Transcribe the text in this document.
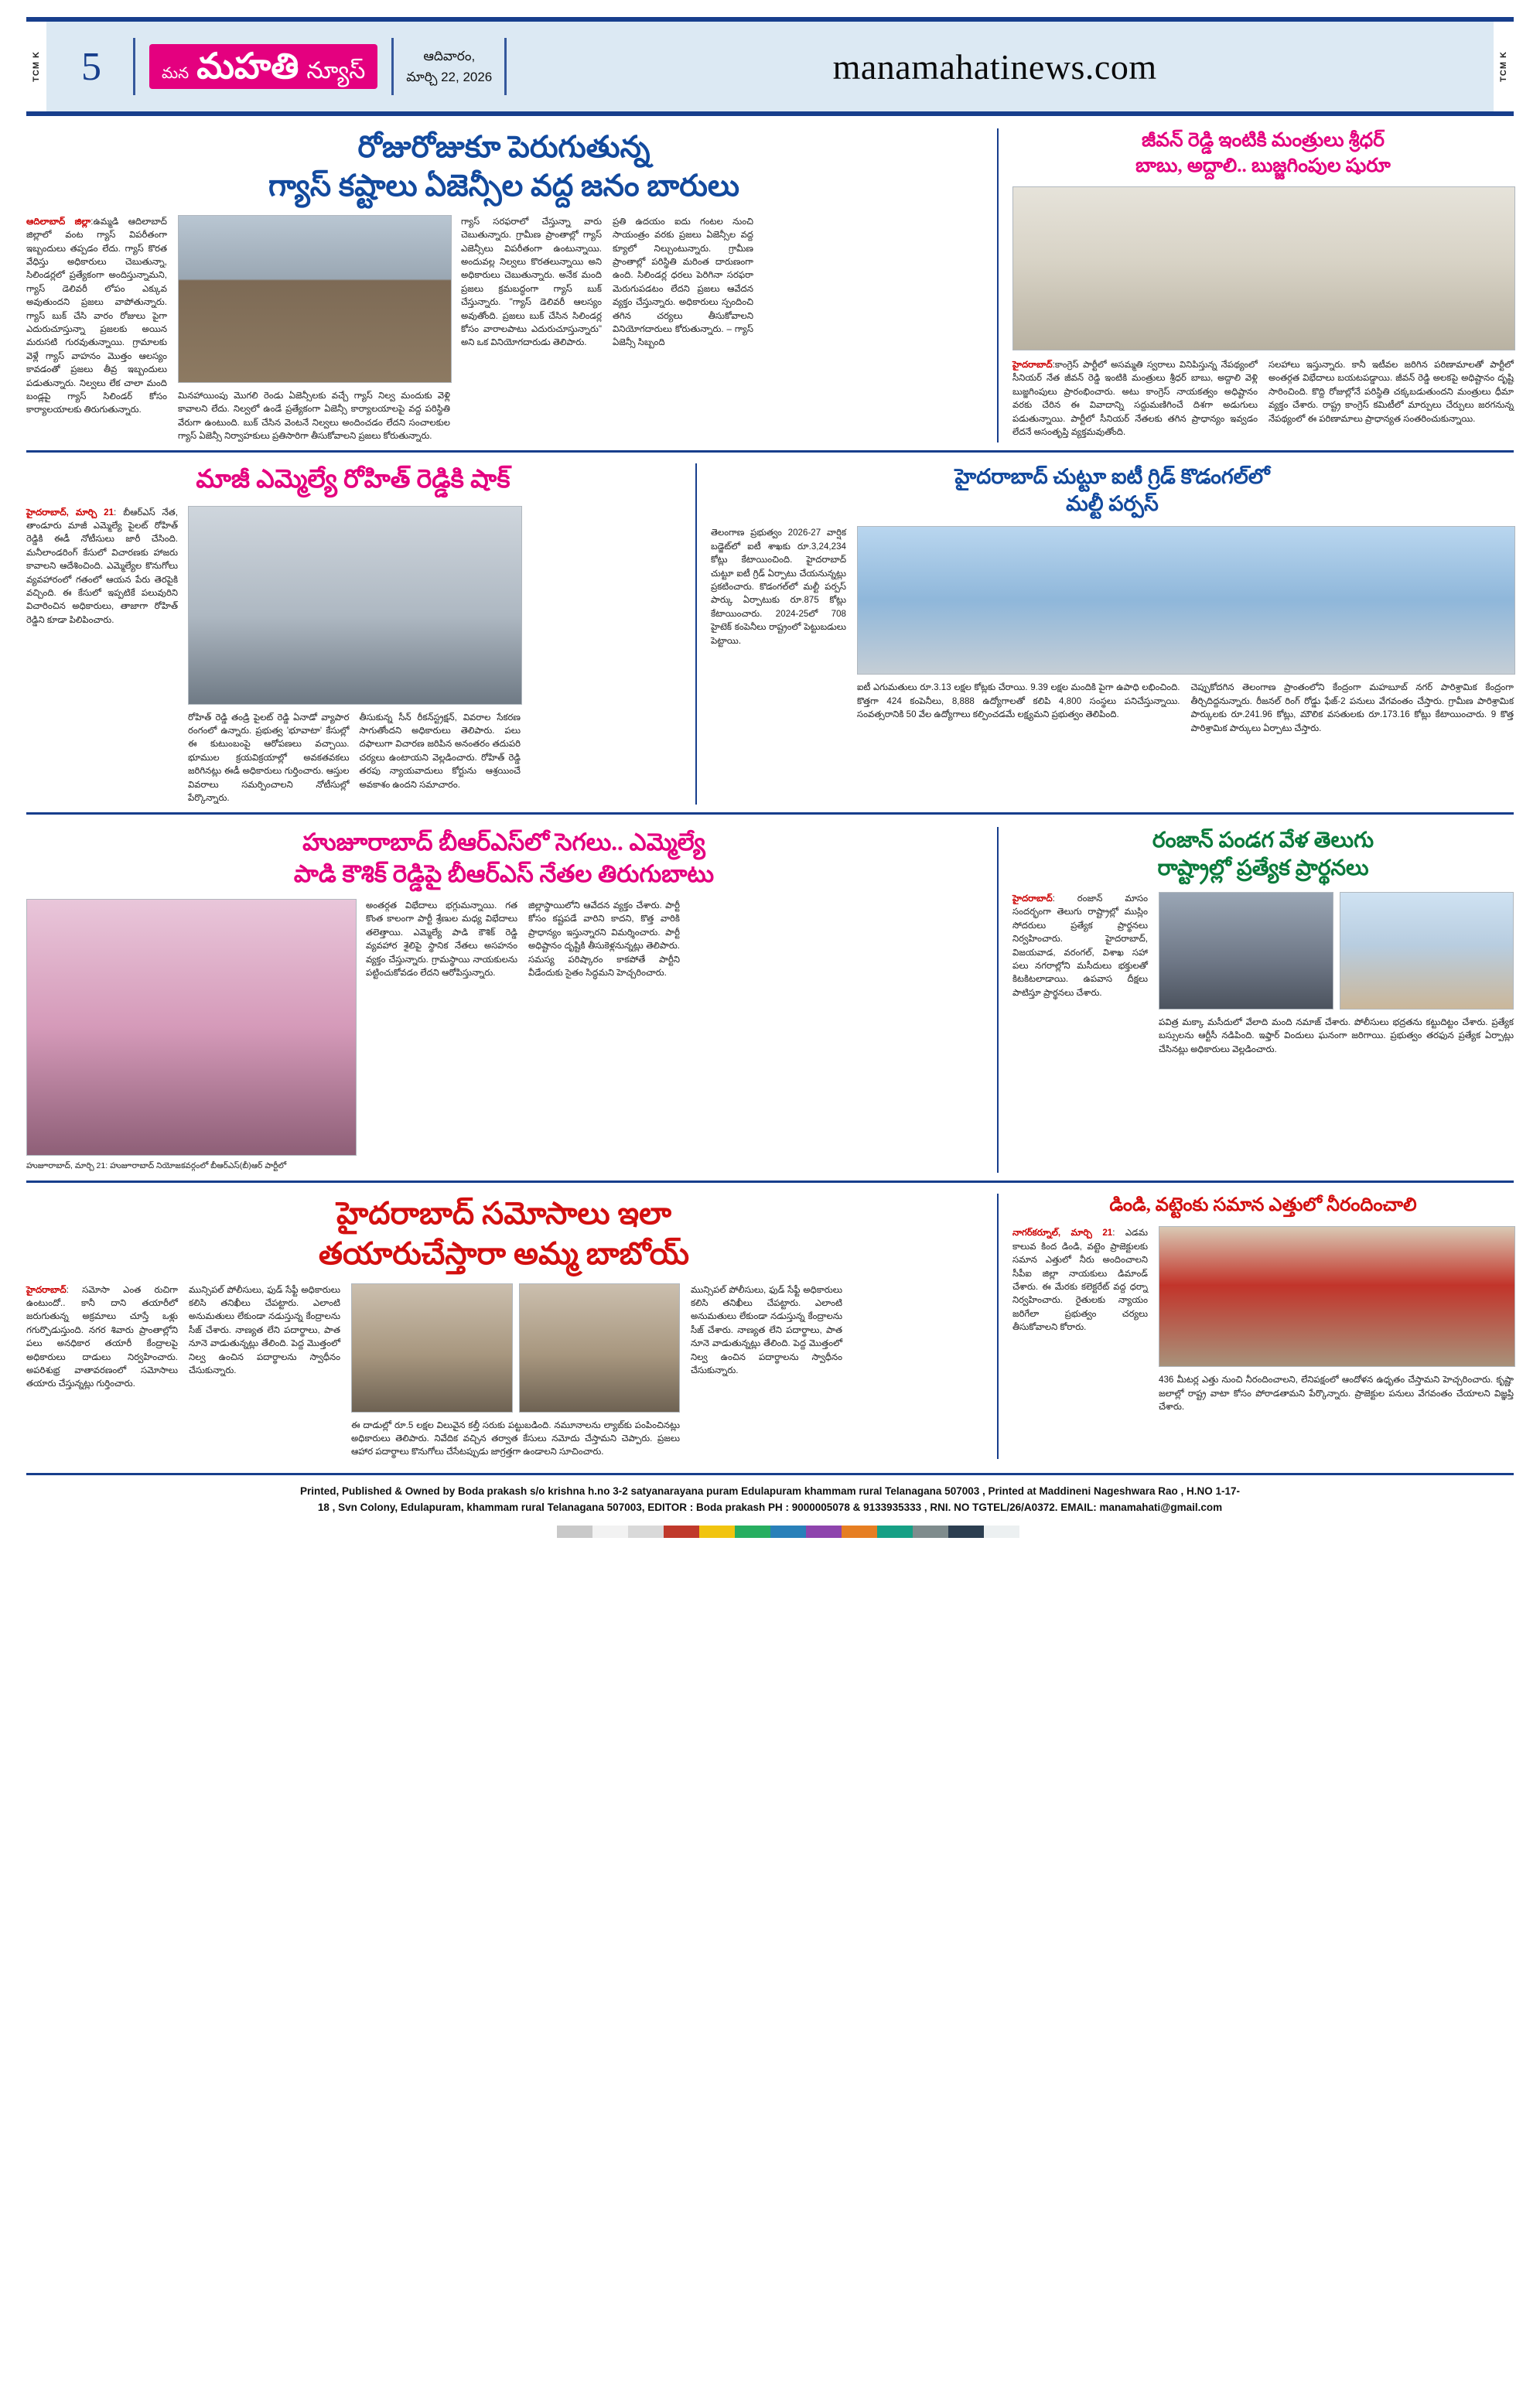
TCM K	5	మన మహతి న్యూస్
ఆదివారం,
మార్చి 22, 2026	manamahatinews.com	TCM K
రోజురోజుకూ పెరుగుతున్న
గ్యాస్ కష్టాలు ఏజెన్సీల వద్ద జనం బారులు
ఆదిలాబాద్ జిల్లా:ఉమ్మడి ఆదిలాబాద్ జిల్లాలో వంట గ్యాస్ విపరీతంగా ఇబ్బందులు తప్పడం లేదు. గ్యాస్ కొరత వేధిస్తు అధికారులు చెబుతున్నా, సిలిండర్లలో ప్రత్యేకంగా అందిస్తున్నామని, గ్యాస్ డెలివరీ లోపం ఎక్కువ అవుతుందని ప్రజలు వాపోతున్నారు. గ్యాస్ బుక్ చేసి వారం రోజులు పైగా ఎదురుచూస్తున్నా ప్రజలకు అయిన మరుసటి గురవుతున్నాయి. గ్రామాలకు వెళ్లే గ్యాస్ వాహనం మొత్తం ఆలస్యం కావడంతో ప్రజలు తీవ్ర ఇబ్బందులు పడుతున్నారు. నిల్వలు లేక చాలా మంది బండ్లపై గ్యాస్ సిలిండర్ కోసం కార్యాలయాలకు తిరుగుతున్నారు.
మినహాయింపు మొగలి రెండు ఏజెన్సీలకు వచ్చే గ్యాస్ నిల్వ మందుకు వెళ్లి కావాలని లేదు. నిల్వలో ఉండే ప్రత్యేకంగా ఏజెన్సీ కార్యాలయాలపై వద్ద పరిస్థితి వేరుగా ఉంటుంది. బుక్ చేసిన వెంటనే నిల్వలు అందించడం లేదని సంచాలకుల గ్యాస్ ఏజెన్సీ నిర్వాహకులు ప్రతిసారిగా తీసుకోవాలని ప్రజలు కోరుతున్నారు.
గ్యాస్ సరఫరాలో చేస్తున్నా వారు చెబుతున్నారు. గ్రామీణ ప్రాంతాల్లో గ్యాస్ ఎజెన్సీలు విపరీతంగా ఉంటున్నాయి. అందువల్ల నిల్వలు కొరతలున్నాయి అని అధికారులు చెబుతున్నారు. అనేక మంది ప్రజలు క్రమబద్ధంగా గ్యాస్ బుక్ చేస్తున్నారు. "గ్యాస్ డెలివరీ ఆలస్యం అవుతోంది. ప్రజలు బుక్ చేసిన సిలిండర్ల కోసం వారాలపాటు ఎదురుచూస్తున్నారు" అని ఒక వినియోగదారుడు తెలిపారు.
ప్రతి ఉదయం ఐదు గంటల నుంచి సాయంత్రం వరకు ప్రజలు ఏజెన్సీల వద్ద క్యూలో నిల్చుంటున్నారు. గ్రామీణ ప్రాంతాల్లో పరిస్థితి మరింత దారుణంగా ఉంది. సిలిండర్ల ధరలు పెరిగినా సరఫరా మెరుగుపడటం లేదని ప్రజలు ఆవేదన వ్యక్తం చేస్తున్నారు. అధికారులు స్పందించి తగిన చర్యలు తీసుకోవాలని వినియోగదారులు కోరుతున్నారు. – గ్యాస్ ఏజెన్సీ సిబ్బంది
జీవన్ రెడ్డి ఇంటికి మంత్రులు శ్రీధర్
బాబు, అద్దాలి.. బుజ్జగింపుల షురూ
హైదరాబాద్:కాంగ్రెస్ పార్టీలో అసమ్మతి స్వరాలు వినిపిస్తున్న నేపథ్యంలో సీనియర్ నేత జీవన్ రెడ్డి ఇంటికి మంత్రులు శ్రీధర్ బాబు, అద్దాలి వెళ్లి బుజ్జగింపులు ప్రారంభించారు. అటు కాంగ్రెస్ నాయకత్వం అధిష్టానం వరకు చేరిన ఈ వివాదాన్ని సద్దుమణిగించే దిశగా అడుగులు పడుతున్నాయి. పార్టీలో సీనియర్ నేతలకు తగిన ప్రాధాన్యం ఇవ్వడం లేదనే అసంతృప్తి వ్యక్తమవుతోంది.
సలహాలు ఇస్తున్నారు. కానీ ఇటీవల జరిగిన పరిణామాలతో పార్టీలో అంతర్గత విభేదాలు బయటపడ్డాయి. జీవన్ రెడ్డి అలకపై అధిష్టానం దృష్టి సారించింది. కొద్ది రోజుల్లోనే పరిస్థితి చక్కబడుతుందని మంత్రులు ధీమా వ్యక్తం చేశారు. రాష్ట్ర కాంగ్రెస్ కమిటీలో మార్పులు చేర్పులు జరగనున్న నేపథ్యంలో ఈ పరిణామాలు ప్రాధాన్యత సంతరించుకున్నాయి.
మాజీ ఎమ్మెల్యే రోహిత్ రెడ్డికి షాక్
హైదరాబాద్, మార్చి 21: బీఆర్ఎస్ నేత, తాండూరు మాజీ ఎమ్మెల్యే పైలట్ రోహిత్ రెడ్డికి ఈడీ నోటీసులు జారీ చేసింది. మనీలాండరింగ్ కేసులో విచారణకు హాజరు కావాలని ఆదేశించింది. ఎమ్మెల్యేల కొనుగోలు వ్యవహారంలో గతంలో ఆయన పేరు తెరపైకి వచ్చింది. ఈ కేసులో ఇప్పటికే పలువురిని విచారించిన అధికారులు, తాజాగా రోహిత్ రెడ్డిని కూడా పిలిపించారు.
రోహిత్ రెడ్డి తండ్రి పైలట్ రెడ్డి ఏనాడో వ్యాపార రంగంలో ఉన్నారు. ప్రభుత్వ 'భూవాటా' కేసుల్లో ఈ కుటుంబంపై ఆరోపణలు వచ్చాయి. భూముల క్రయవిక్రయాల్లో అవకతవకలు జరిగినట్లు ఈడీ అధికారులు గుర్తించారు. ఆస్తుల వివరాలు సమర్పించాలని నోటీసుల్లో పేర్కొన్నారు.
తీసుకున్న సీన్ రీకన్‌స్ట్రక్షన్, వివరాల సేకరణ సాగుతోందని అధికారులు తెలిపారు. పలు దఫాలుగా విచారణ జరిపిన అనంతరం తదుపరి చర్యలు ఉంటాయని వెల్లడించారు. రోహిత్ రెడ్డి తరపు న్యాయవాదులు కోర్టును ఆశ్రయించే అవకాశం ఉందని సమాచారం.
హైదరాబాద్ చుట్టూ ఐటీ గ్రిడ్ కొడంగల్‌లో
మల్టీ పర్పస్
తెలంగాణ ప్రభుత్వం 2026-27 వార్షిక బడ్జెట్‌లో ఐటీ శాఖకు రూ.3,24,234 కోట్లు కేటాయించింది. హైదరాబాద్ చుట్టూ ఐటీ గ్రిడ్ ఏర్పాటు చేయనున్నట్లు ప్రకటించారు. కొడంగల్‌లో మల్టీ పర్పస్ పార్కు ఏర్పాటుకు రూ.875 కోట్లు కేటాయించారు. 2024-25లో 708 హైటెక్ కంపెనీలు రాష్ట్రంలో పెట్టుబడులు పెట్టాయి.
ఐటీ ఎగుమతులు రూ.3.13 లక్షల కోట్లకు చేరాయి. 9.39 లక్షల మందికి పైగా ఉపాధి లభించింది. కొత్తగా 424 కంపెనీలు, 8,888 ఉద్యోగాలతో కలిపి 4,800 సంస్థలు పనిచేస్తున్నాయి. సంవత్సరానికి 50 వేల ఉద్యోగాలు కల్పించడమే లక్ష్యమని ప్రభుత్వం తెలిపింది.
చెప్పుకోదగిన తెలంగాణ ప్రాంతంలోని కేంద్రంగా మహబూబ్ నగర్ పారిశ్రామిక కేంద్రంగా తీర్చిదిద్దనున్నారు. రీజనల్ రింగ్ రోడ్డు ఫేజ్-2 పనులు వేగవంతం చేస్తారు. గ్రామీణ పారిశ్రామిక పార్కులకు రూ.241.96 కోట్లు, మౌలిక వసతులకు రూ.173.16 కోట్లు కేటాయించారు. 9 కొత్త పారిశ్రామిక పార్కులు ఏర్పాటు చేస్తారు.
హుజూరాబాద్ బీఆర్ఎస్‌లో సెగలు.. ఎమ్మెల్యే
పాడి కౌశిక్ రెడ్డిపై బీఆర్ఎస్ నేతల తిరుగుబాటు
హుజూరాబాద్, మార్చి 21: హుజూరాబాద్ నియోజకవర్గంలో బీఆర్ఎస్(బీ)ఆర్ పార్టీలో
అంతర్గత విభేదాలు భగ్గుమన్నాయి. గత కొంత కాలంగా పార్టీ శ్రేణుల మధ్య విభేదాలు తలెత్తాయి. ఎమ్మెల్యే పాడి కౌశిక్ రెడ్డి వ్యవహార శైలిపై స్థానిక నేతలు అసహనం వ్యక్తం చేస్తున్నారు. గ్రామస్థాయి నాయకులను పట్టించుకోవడం లేదని ఆరోపిస్తున్నారు.
జిల్లాస్థాయిలోని ఆవేదన వ్యక్తం చేశారు. పార్టీ కోసం కష్టపడే వారిని కాదని, కొత్త వారికి ప్రాధాన్యం ఇస్తున్నారని విమర్శించారు. పార్టీ అధిష్టానం దృష్టికి తీసుకెళ్లనున్నట్లు తెలిపారు. సమస్య పరిష్కారం కాకపోతే పార్టీని వీడేందుకు సైతం సిద్ధమని హెచ్చరించారు.
రంజాన్ పండగ వేళ తెలుగు
రాష్ట్రాల్లో ప్రత్యేక ప్రార్థనలు
హైదరాబాద్: రంజాన్ మాసం సందర్భంగా తెలుగు రాష్ట్రాల్లో ముస్లిం సోదరులు ప్రత్యేక ప్రార్థనలు నిర్వహించారు. హైదరాబాద్, విజయవాడ, వరంగల్, విశాఖ సహా పలు నగరాల్లోని మసీదులు భక్తులతో కిటకిటలాడాయి. ఉపవాస దీక్షలు పాటిస్తూ ప్రార్థనలు చేశారు.
పవిత్ర మక్కా మసీదులో వేలాది మంది నమాజ్ చేశారు. పోలీసులు భద్రతను కట్టుదిట్టం చేశారు. ప్రత్యేక బస్సులను ఆర్టీసీ నడిపింది. ఇఫ్తార్ విందులు ఘనంగా జరిగాయి. ప్రభుత్వం తరఫున ప్రత్యేక ఏర్పాట్లు చేసినట్లు అధికారులు వెల్లడించారు.
హైదరాబాద్ సమోసాలు ఇలా
తయారుచేస్తారా అమ్మ బాబోయ్
హైదరాబాద్: సమోసా ఎంత రుచిగా ఉంటుందో.. కానీ దాని తయారీలో జరుగుతున్న అక్రమాలు చూస్తే ఒళ్లు గగుర్పొడుస్తుంది. నగర శివారు ప్రాంతాల్లోని పలు అనధికార తయారీ కేంద్రాలపై అధికారులు దాడులు నిర్వహించారు. అపరిశుభ్ర వాతావరణంలో సమోసాలు తయారు చేస్తున్నట్లు గుర్తించారు.
మున్సిపల్ పోలీసులు, ఫుడ్ సేఫ్టీ అధికారులు కలిసి తనిఖీలు చేపట్టారు. ఎలాంటి అనుమతులు లేకుండా నడుస్తున్న కేంద్రాలను సీజ్ చేశారు. నాణ్యత లేని పదార్థాలు, పాత నూనె వాడుతున్నట్లు తేలింది. పెద్ద మొత్తంలో నిల్వ ఉంచిన పదార్థాలను స్వాధీనం చేసుకున్నారు.
ఈ దాడుల్లో రూ.5 లక్షల విలువైన కల్తీ సరుకు పట్టుబడింది. నమూనాలను ల్యాబ్‌కు పంపించినట్లు అధికారులు తెలిపారు. నివేదిక వచ్చిన తర్వాత కేసులు నమోదు చేస్తామని చెప్పారు. ప్రజలు ఆహార పదార్థాలు కొనుగోలు చేసేటప్పుడు జాగ్రత్తగా ఉండాలని సూచించారు.
మున్సిపల్ పోలీసులు, ఫుడ్ సేఫ్టీ అధికారులు కలిసి తనిఖీలు చేపట్టారు. ఎలాంటి అనుమతులు లేకుండా నడుస్తున్న కేంద్రాలను సీజ్ చేశారు. నాణ్యత లేని పదార్థాలు, పాత నూనె వాడుతున్నట్లు తేలింది. పెద్ద మొత్తంలో నిల్వ ఉంచిన పదార్థాలను స్వాధీనం చేసుకున్నారు.
డిండి, వట్టెంకు సమాన ఎత్తులో నీరందించాలి
నాగర్‌కర్నూల్, మార్చి 21: ఎడమ కాలువ కింద డిండి, వట్టెం ప్రాజెక్టులకు సమాన ఎత్తులో నీరు అందించాలని సీపీఐ జిల్లా నాయకులు డిమాండ్ చేశారు. ఈ మేరకు కలెక్టరేట్ వద్ద ధర్నా నిర్వహించారు. రైతులకు న్యాయం జరిగేలా ప్రభుత్వం చర్యలు తీసుకోవాలని కోరారు.
436 మీటర్ల ఎత్తు నుంచి నీరందించాలని, లేనిపక్షంలో ఆందోళన ఉధృతం చేస్తామని హెచ్చరించారు. కృష్ణా జలాల్లో రాష్ట్ర వాటా కోసం పోరాడతామని పేర్కొన్నారు. ప్రాజెక్టుల పనులు వేగవంతం చేయాలని విజ్ఞప్తి చేశారు.
Printed, Published & Owned by Boda prakash s/o krishna h.no 3-2 satyanarayana puram Edulapuram khammam rural Telanagana 507003 , Printed at Maddineni Nageshwara Rao , H.NO 1-17-
18 , Svn Colony, Edulapuram, khammam rural Telanagana 507003, EDITOR : Boda prakash PH : 9000005078 & 9133935333 , RNI. NO TGTEL/26/A0372. EMAIL: manamahati@gmail.com
